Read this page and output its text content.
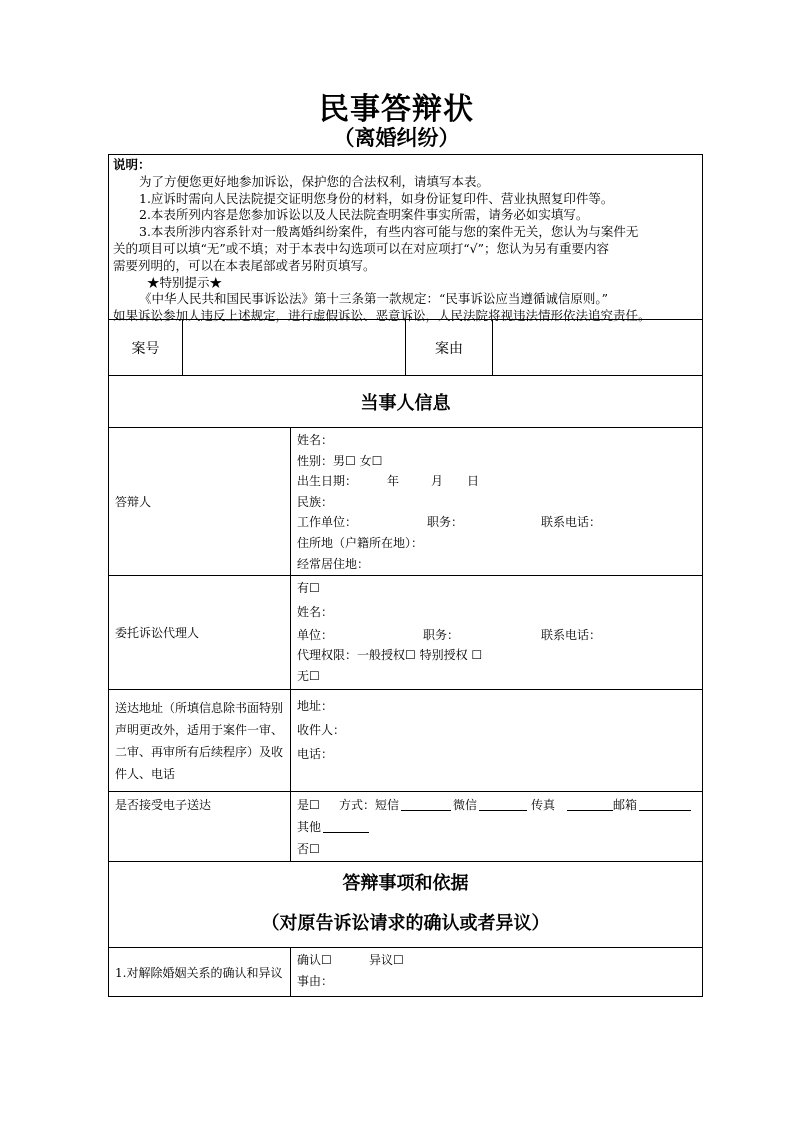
民事答辩状
（离婚纠纷）

说明：

为了方便您更好地参加诉讼，保护您的合法权利，请填写本表。

1.应诉时需向人民法院提交证明您身份的材料，如身份证复印件、营业执照复印件等。

2.本表所列内容是您参加诉讼以及人民法院查明案件事实所需，请务必如实填写。

3.本表所涉内容系针对一般离婚纠纷案件，有些内容可能与您的案件无关，您认为与案件无

关的项目可以填“无”或不填；对于本表中勾选项可以在对应项打“√”；您认为另有重要内容

需要列明的，可以在本表尾部或者另附页填写。

★特别提示★

《中华人民共和国民事诉讼法》第十三条第一款规定：“民事诉讼应当遵循诚信原则。”

如果诉讼参加人违反上述规定，进行虚假诉讼、恶意诉讼，人民法院将视违法情形依法追究责任。

案号	案由
当事人信息
答辩人
姓名：
性别：男☐ 女☐
出生日期： 年	月 日
民族：
工作单位：	职务：	联系电话：
住所地（户籍所在地）：
经常居住地：
委托诉讼代理人
有☐
姓名：
单位：	职务：	联系电话：
代理权限：一般授权☐ 特别授权 ☐
无☐
送达地址（所填信息除书面特别声明更改外，适用于案件一审、二审、再审所有后续程序）及收件人、电话
地址：
收件人：
电话：
是否接受电子送达	是☐ 方式：短信	微信	传真	邮箱
其他
否☐
答辩事项和依据
（对原告诉讼请求的确认或者异议）
1.对解除婚姻关系的确认和异议
确认☐	异议☐
事由：
